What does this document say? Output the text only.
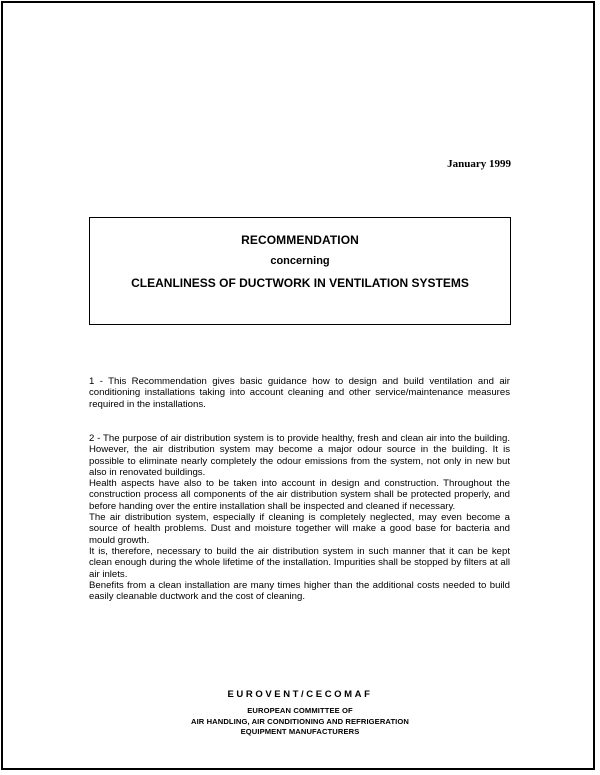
January 1999
RECOMMENDATION
concerning
CLEANLINESS OF DUCTWORK IN VENTILATION SYSTEMS

1 - This Recommendation gives basic guidance how to design and build ventilation and air conditioning installations taking into account cleaning and other service/maintenance measures required in the installations.

2 - The purpose of air distribution system is to provide healthy, fresh and clean air into the building. However, the air distribution system may become a major odour source in the building. It is possible to eliminate nearly completely the odour emissions from the system, not only in new but also in renovated buildings.

Health aspects have also to be taken into account in design and construction. Throughout the construction process all components of the air distribution system shall be protected properly, and before handing over the entire installation shall be inspected and cleaned if necessary.

The air distribution system, especially if cleaning is completely neglected, may even become a source of health problems. Dust and moisture together will make a good base for bacteria and mould growth.

It is, therefore, necessary to build the air distribution system in such manner that it can be kept clean enough during the whole lifetime of the installation. Impurities shall be stopped by filters at all air inlets.

Benefits from a clean installation are many times higher than the additional costs needed to build easily cleanable ductwork and the cost of cleaning.

EUROVENT/CECOMAF
EUROPEAN COMMITTEE OF
AIR HANDLING, AIR CONDITIONING AND REFRIGERATION
EQUIPMENT MANUFACTURERS
